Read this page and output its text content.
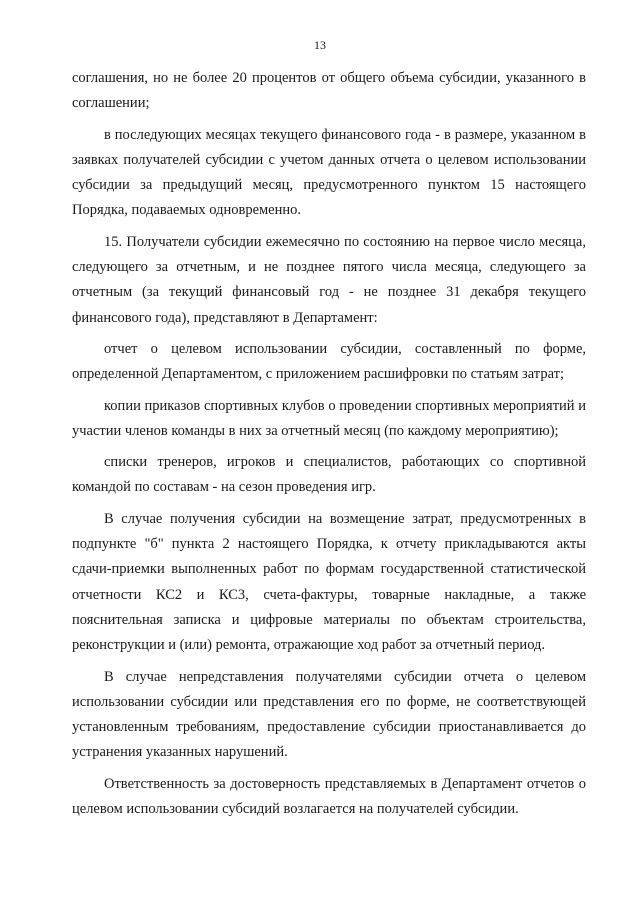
13

соглашения, но не более 20 процентов от общего объема субсидии, указанного в соглашении;

в последующих месяцах текущего финансового года - в размере, указанном в заявках получателей субсидии с учетом данных отчета о целевом использовании субсидии за предыдущий месяц, предусмотренного пунктом 15 настоящего Порядка, подаваемых одновременно.

15. Получатели субсидии ежемесячно по состоянию на первое число месяца, следующего за отчетным, и не позднее пятого числа месяца, следующего за отчетным (за текущий финансовый год - не позднее 31 декабря текущего финансового года), представляют в Департамент:

отчет о целевом использовании субсидии, составленный по форме, определенной Департаментом, с приложением расшифровки по статьям затрат;

копии приказов спортивных клубов о проведении спортивных мероприятий и участии членов команды в них за отчетный месяц (по каждому мероприятию);

списки тренеров, игроков и специалистов, работающих со спортивной командой по составам - на сезон проведения игр.

В случае получения субсидии на возмещение затрат, предусмотренных в подпункте "б" пункта 2 настоящего Порядка, к отчету прикладываются акты сдачи-приемки выполненных работ по формам государственной статистической отчетности КС2 и КС3, счета-фактуры, товарные накладные, а также пояснительная записка и цифровые материалы по объектам строительства, реконструкции и (или) ремонта, отражающие ход работ за отчетный период.

В случае непредставления получателями субсидии отчета о целевом использовании субсидии или представления его по форме, не соответствующей установленным требованиям, предоставление субсидии приостанавливается до устранения указанных нарушений.

Ответственность за достоверность представляемых в Департамент отчетов о целевом использовании субсидий возлагается на получателей субсидии.
